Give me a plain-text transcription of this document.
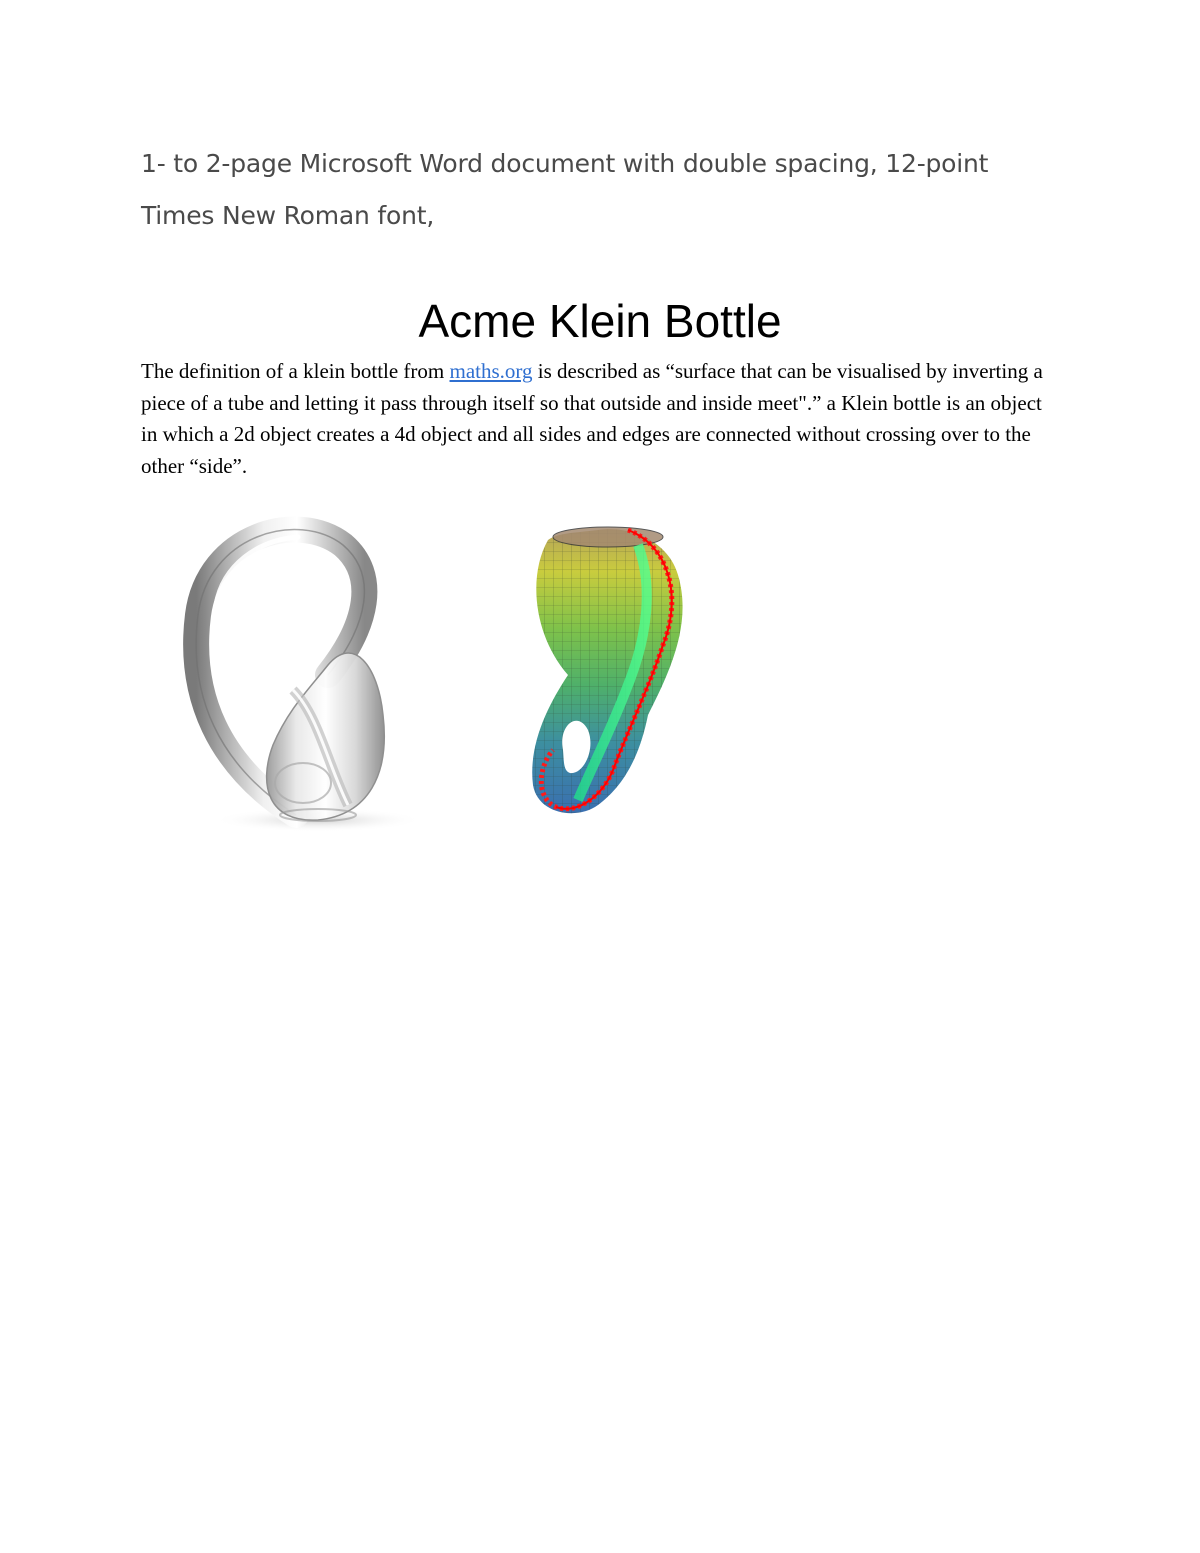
1- to 2-page Microsoft Word document with double spacing, 12-point
Times New Roman font,
Acme Klein Bottle
The definition of a klein bottle from maths.org is described as “surface that can be visualised by inverting a piece of a tube and letting it pass through itself so that outside and inside meet".” a Klein bottle is an object in which a 2d object creates a 4d object and all sides and edges are connected without crossing over to the other “side”.
